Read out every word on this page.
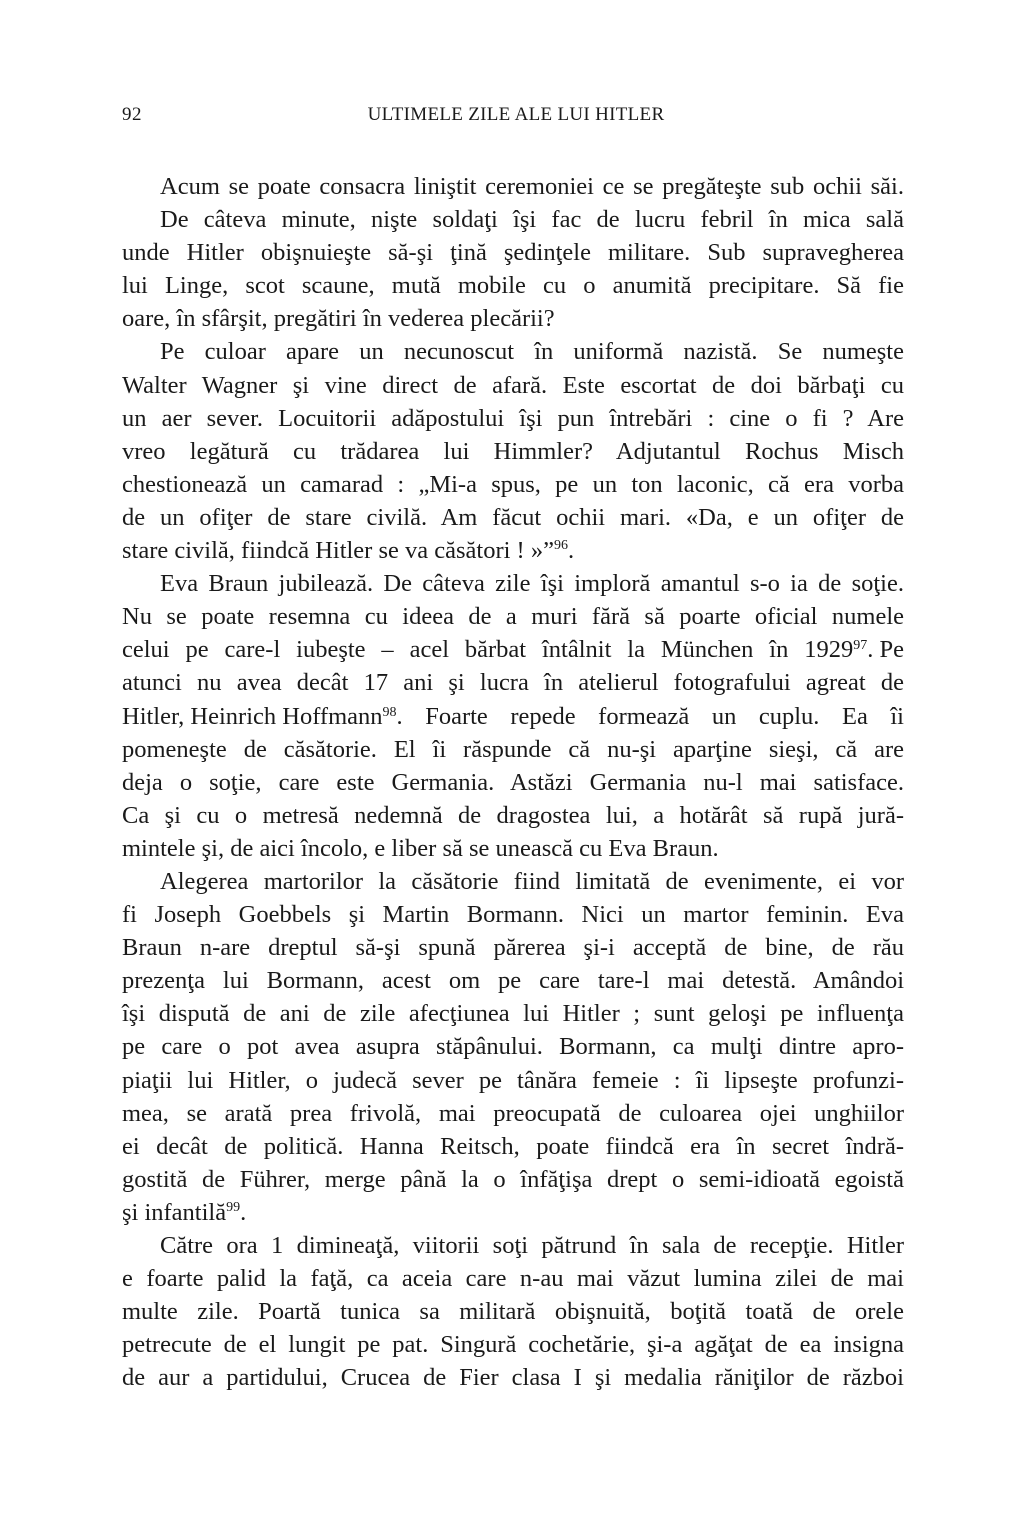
92	ULTIMELE ZILE ALE LUI HITLER
Acum se poate consacra liniştit ceremoniei ce se pregăteşte sub ochii săi.
De câteva minute, nişte soldaţi îşi fac de lucru febril în mica sală
unde Hitler obişnuieşte să-şi ţină şedinţele militare. Sub supravegherea
lui Linge, scot scaune, mută mobile cu o anumită precipitare. Să fie
oare, în sfârşit, pregătiri în vederea plecării?
Pe culoar apare un necunoscut în uniformă nazistă. Se numeşte
Walter Wagner şi vine direct de afară. Este escortat de doi bărbaţi cu
un aer sever. Locuitorii adăpostului îşi pun întrebări : cine o fi ? Are
vreo legătură cu trădarea lui Himmler? Adjutantul Rochus Misch
chestionează un camarad : „Mi-a spus, pe un ton laconic, că era vorba
de un ofiţer de stare civilă. Am făcut ochii mari. «Da, e un ofiţer de
stare civilă, fiindcă Hitler se va căsători ! »”$^{96}$.
Eva Braun jubilează. De câteva zile îşi imploră amantul s-o ia de soţie.
Nu se poate resemna cu ideea de a muri fără să poarte oficial numele
celui pe care-l iubeşte – acel bărbat întâlnit la München în 1929 97 . Pe
atunci nu avea decât 17 ani şi lucra în atelierul fotografului agreat de
Hitler, Heinrich Hoffmann 98 . Foarte repede formează un cuplu. Ea îi
pomeneşte de căsătorie. El îi răspunde că nu-şi aparţine sieşi, că are
deja o soţie, care este Germania. Astăzi Germania nu-l mai satisface.
Ca şi cu o metresă nedemnă de dragostea lui, a hotărât să rupă jură-
mintele şi, de aici încolo, e liber să se unească cu Eva Braun.
Alegerea martorilor la căsătorie fiind limitată de evenimente, ei vor
fi Joseph Goebbels şi Martin Bormann. Nici un martor feminin. Eva
Braun n-are dreptul să-şi spună părerea şi-i acceptă de bine, de rău
prezenţa lui Bormann, acest om pe care tare-l mai detestă. Amândoi
îşi dispută de ani de zile afecţiunea lui Hitler ; sunt geloşi pe influenţa
pe care o pot avea asupra stăpânului. Bormann, ca mulţi dintre apro-
piaţii lui Hitler, o judecă sever pe tânăra femeie : îi lipseşte profunzi-
mea, se arată prea frivolă, mai preocupată de culoarea ojei unghiilor
ei decât de politică. Hanna Reitsch, poate fiindcă era în secret îndră-
gostită de Führer, merge până la o înfăţişa drept o semi-idioată egoistă
şi infantilă$^{99}$.
Către ora 1 dimineaţă, viitorii soţi pătrund în sala de recepţie. Hitler
e foarte palid la faţă, ca aceia care n-au mai văzut lumina zilei de mai
multe zile. Poartă tunica sa militară obişnuită, boţită toată de orele
petrecute de el lungit pe pat. Singură cochetărie, şi-a agăţat de ea insigna
de aur a partidului, Crucea de Fier clasa I şi medalia răniţilor de război
